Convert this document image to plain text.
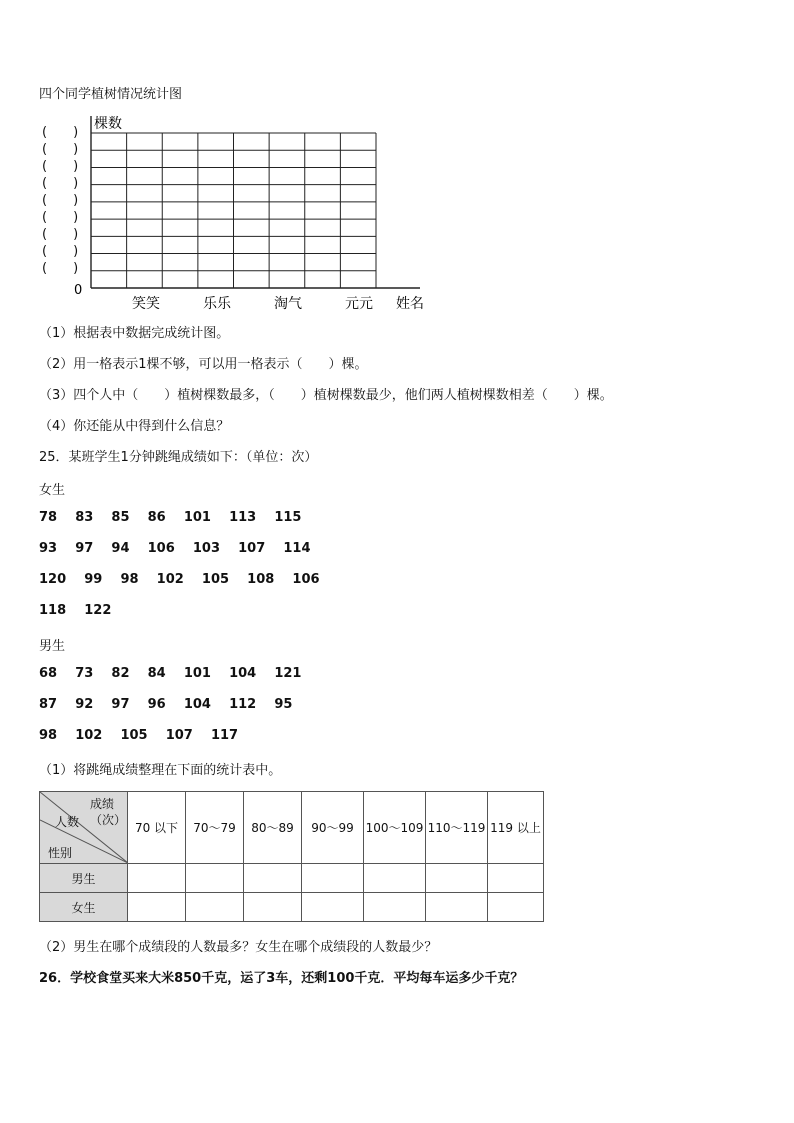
四个同学植树情况统计图
(　　)
(　　)
(　　)
(　　)
(　　)
(　　)
(　　)
(　　)
(　　)
棵数
0
笑笑	乐乐	淘气	元元 姓名
（1）根据表中数据完成统计图。
（2）用一格表示1棵不够，可以用一格表示（　　）棵。
（3）四个人中（　　）植树棵数最多，（　　）植树棵数最少，他们两人植树棵数相差（　　）棵。
（4）你还能从中得到什么信息？
25．某班学生1分钟跳绳成绩如下：（单位：次）
女生
78 83 85 86 101 113 115
93 97 94 106 103 107 114
120 99 98 102 105 108 106
118 122
男生
68 73 82 84 101 104 121
87 92 97 96 104 112 95
98 102 105 107 117
（1）将跳绳成绩整理在下面的统计表中。
成绩
（次）
人数
性别	70 以下	70～79	80～89	90～99	100～109	110～119	119 以上
男生							
女生							
（2）男生在哪个成绩段的人数最多？女生在哪个成绩段的人数最少？
26．学校食堂买来大米850千克，运了3车，还剩100千克．平均每车运多少千克？
